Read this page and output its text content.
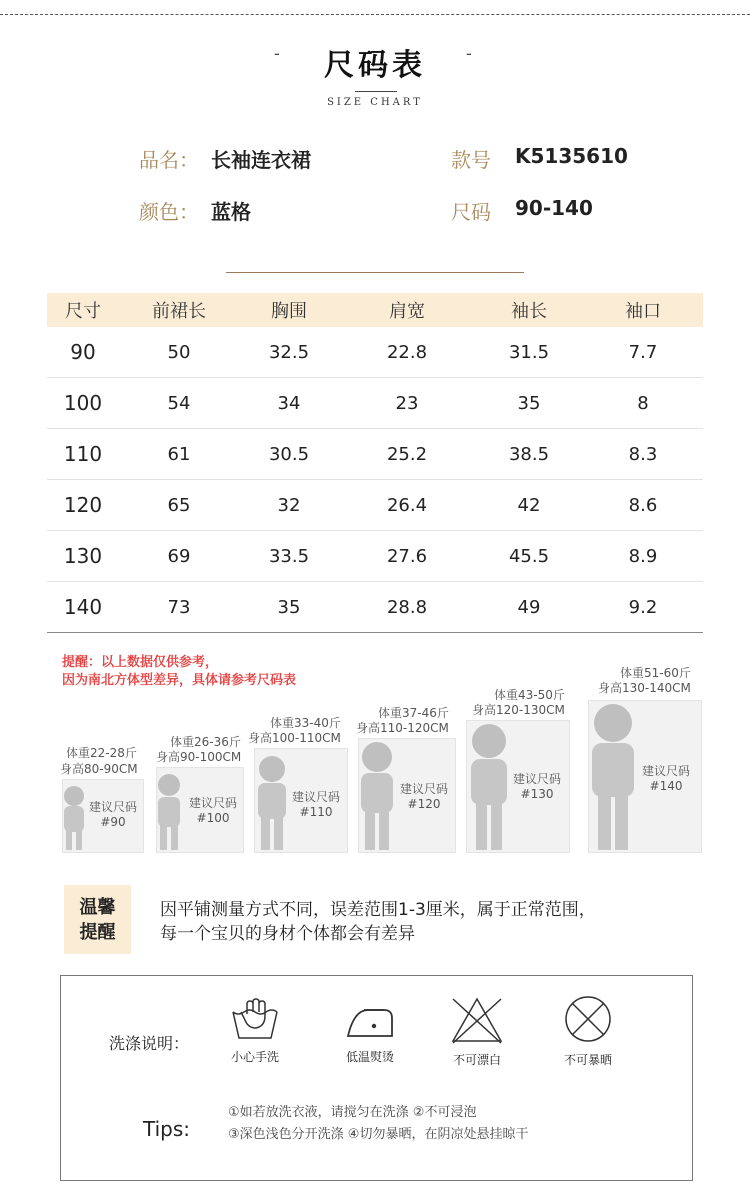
-	尺码表	-
SIZE CHART
品名： 长袖连衣裙	款号 K5135610
颜色： 蓝格	尺码 90-140
尺寸	前裙长	胸围	肩宽	袖长	袖口
90	50	32.5	22.8	31.5	7.7
100	54	34	23	35	8
110	61	30.5	25.2	38.5	8.3
120	65	32	26.4	42	8.6
130	69	33.5	27.6	45.5	8.9
140	73	35	28.8	49	9.2
提醒：以上数据仅供参考，
因为南北方体型差异，具体请参考尺码表
体重22-28斤
身高80-90CM
建议尺码
#90
体重26-36斤
身高90-100CM
建议尺码
#100
体重33-40斤
身高100-110CM
建议尺码
#110
体重37-46斤
身高110-120CM
建议尺码
#120
体重43-50斤
身高120-130CM
建议尺码
#130
体重51-60斤
身高130-140CM
建议尺码
#140
温馨
提醒
因平铺测量方式不同，误差范围1-3厘米，属于正常范围，
每一个宝贝的身材个体都会有差异
洗涤说明：
小心手洗	低温熨烫	不可漂白	不可暴晒
Tips:
①如若放洗衣液，请搅匀在洗涤 ②不可浸泡
③深色浅色分开洗涤 ④切勿暴晒，在阴凉处悬挂晾干
